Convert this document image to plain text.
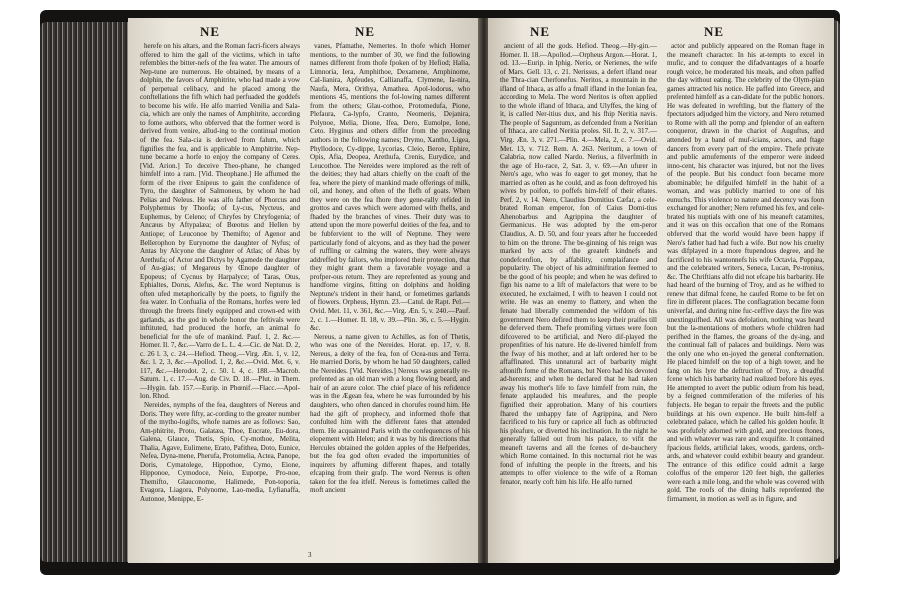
NE	NE

herefe on his altars, and the Roman facri-ficers always offered to him the gall of the victims, which in tafte refembles the bitter-nefs of the fea water. The amours of Nep-tune are numerous. He obtained, by means of a dolphin, the favors of Amphitrite, who had made a vow of perpetual celibacy, and he placed among the conftellations the fifh which had perfuaded the goddefs to become his wife. He alfo married Venilia and Sala-cia, which are only the names of Amphitrite, according to fome authors, who obferved that the former word is derived from venire, allud-ing to the continual motion of the fea. Sala-cia is derived from falum, which fignifies the fea, and is applicable to Amphitrite. Nep-tune became a horfe to enjoy the company of Ceres. [Vid. Arion.] To deceive Theo-phane, he changed himfelf into a ram. [Vid. Theophane.] He affumed the form of the river Enipeus to gain the confidence of Tyro, the daughter of Salmoneus, by whom he had Pelias and Neleus. He was alfo father of Phorcus and Polyphemus by Thoofa; of Ly-cus, Nycteus, and Euphemus, by Celeno; of Chryfes by Chryfogenia; of Ancæus by Aftypalæa; of Bœotus and Hellen by Antiope; of Leuconoe by Themifto; of Agenor and Bellerophon by Eurynome the daughter of Nyfus; of Antas by Alcyone the daughter of Atlas; of Abas by Arethufa; of Actor and Dictys by Agamede the daughter of Au-gias; of Megareus by Œnope daughter of Epopeus; of Cycnus by Harpalyce; of Taras, Otus, Ephialtes, Dorus, Alefus, &c. The word Neptunus is often ufed metaphorically by the poets, to fignify the fea water. In Confualia of the Romans, horfes were led through the ftreets finely equipped and crown-ed with garlands, as the god in whofe honor the feftivals were inftituted, had produced the horfe, an animal fo beneficial for the ufe of mankind. Pauf. 1, 2. &c.—Homer. Il. 7, &c.—Varro de L. L. 4.—Cic. de Nat. D. 2, c. 26 l. 3, c. 24.—Hefiod. Theog.—Virg. Æn. 1, v. 12, &c. l. 2, 3, &c.—Apollod. 1, 2, &c.—Ovid. Met. 6, v. 117, &c.—Herodot. 2, c. 50. l. 4, c. 188.—Macrob. Saturn. 1, c. 17.—Aug. de Civ. D. 18.—Plut. in Them.—Hygin. fab. 157.—Eurip. in Phœnif.—Flacc.—Apol-lon. Rhod.

Nereides, nymphs of the fea, daughters of Nereus and Doris. They were fifty, ac-cording to the greater number of the mytho-logifts, whofe names are as follows: Sao, Am-phitrite, Proto, Galatæa, Thoe, Eucrate, Eu-dora, Galena, Glauce, Thetis, Spio, Cy-mothoe, Melita, Thalia, Agave, Eulimene, Erato, Pafithea, Doto, Eunice, Nefea, Dyna-mene, Pherufa, Protomelia, Actea, Panope, Doris, Cymatolege, Hippothoe, Cymo, Eione, Hipponoe, Cymodoce, Neio, Euporpe, Pro-noe, Themifto, Glauconome, Halimede, Pon-toporia, Evagora, Liagora, Polynome, Lao-media, Lyfianaffa, Autonoe, Menippe, E-

vanes, Pfamathe, Nemertes. In thofe which Homer mentions, to the number of 30, we find the following names different from thofe fpoken of by Hefiod; Halia, Limnoria, Iera, Amphithoe, Dexamene, Amphinome, Cal-lianira, Apfeudes, Callianaffa, Clymene, Ia-nira, Naufa, Mera, Orithya, Amathea. Apol-lodorus, who mentions 45, mentions the fol-lowing names different from the others; Glau-cothoe, Protomedufa, Pione, Plefaura, Ca-lypfo, Cranto, Neomeris, Dejanira, Polynoe, Melia, Dione, Ifea, Dero, Eumolpe, Ione, Ceto. Hyginus and others differ from the preceding authors in the following names; Drymo, Xantho, Ligea, Phyllodoce, Cy-dippe, Lycorias, Cleio, Beroe, Ephire, Opis, Afia, Deopea, Arethufa, Crenis, Eurydice, and Leucothoe. The Nereides were implored as the reft of the deities; they had altars chiefly on the coaft of the fea, where the piety of mankind made offerings of milk, oil, and honey, and often of the flefh of goats. When they were on the fea fhore they gene-rally refided in grottos and caves which were adorned with fhells, and fhaded by the branches of vines. Their duty was to attend upon the more powerful deities of the fea, and to be fubfervient to the will of Neptune. They were particularly fond of alcyons, and as they had the power of ruffling or calming the waters, they were always addreffed by failors, who implored their protection, that they might grant them a favorable voyage and a profper-ous return. They are reprefented as young and handfome virgins, fitting on dolphins and holding Neptune's trident in their hand, or fometimes garlands of flowers. Orpheus, Hymn. 23.—Catul. de Rapt. Pel.—Ovid. Met. 11, v. 361, &c.—Virg. Æn. 5, v. 240.—Pauf. 2, c. 1.—Homer. Il. 18, v. 39.—Plin. 36, c. 5.—Hygin. &c.

Nereus, a name given to Achilles, as fon of Thetis, who was one of the Nereides. Horat. ep. 17, v. 8. Nereus, a deity of the fea, fon of Ocea-nus and Terra. He married Doris, by whom he had 50 daughters, called the Nereides. [Vid. Nereides.] Nereus was generally re-prefented as an old man with a long flowing beard, and hair of an azure color. The chief place of his refidence was in the Ægean fea, where he was furrounded by his daughters, who often danced in chorufes round him. He had the gift of prophecy, and informed thofe that confulted him with the different fates that attended them. He acquainted Paris with the confequences of his elopement with Helen; and it was by his directions that Hercules obtained the golden apples of the Hefperides, but the fea god often evaded the importunities of inquirers by affuming different fhapes, and totally efcaping from their grafp. The word Nereus is often taken for the fea itfelf. Nereus is fometimes called the moft ancient

3
NE	NE

ancient of all the gods. Hefiod. Theog.—Hy-gin.—Homer. Il. 18.—Apollod.—Orpheus Argon.—Horat. 1, od. 13.—Eurip. in Iphig. Nerio, or Nerienes, the wife of Mars. Gell. 13, c. 21. Nerissus, a defert ifland near the Thra-cian Cherfonefus. Neritos, a mountain in the ifland of Ithaca, as alfo a fmall ifland in the Ionian fea, according to Mela. The word Neritos is often applied to the whole ifland of Ithaca, and Ulyffes, the king of it, is called Ner-itius dux, and his fhip Neritia navis. The people of Saguntum, as defcended from a Neritian of Ithaca, are called Neritia proles. Sil. It. 2, v. 317.—Virg. Æn. 3, v. 271.—Plin. 4.—Mela, 2, c. 7.—Ovid. Met. 13, v. 712. Rem. A. 263. Neritum, a town of Calabria, now called Nardo. Nerius, a filverfmith in the age of Ho-race, 2, Sat. 3, v. 69.—An ufurer in Nero's age, who was fo eager to get money, that he married as often as he could, and as foon deftroyed his wives by poifon, to poffefs him-felf of their eftates. Perf. 2, v. 14. Nero, Claudius Domitius Cæfar, a cele-brated Roman emperor, fon of Caius Domi-tius Ahenobarbus and Agrippina the daughter of Germanicus. He was adopted by the em-peror Claudius, A. D. 50, and four years after he fucceeded to him on the throne. The be-ginning of his reign was marked by acts of the greateft kindnefs and condefcenfion, by affability, complaifance and popularity. The object of his adminiftration feemed to be the good of his people; and when he was defired to fign his name to a lift of malefactors that were to be executed, he exclaimed, I wifh to heaven I could not write. He was an enemy to flattery, and when the fenate had liberally commended the wifdom of his government Nero defired them to keep their praifes till he deferved them. Thefe promifing virtues were foon difcovered to be artificial, and Nero dif-played the propenfities of his nature. He de-livered himfelf from the fway of his mother, and at laft ordered her to be affaffinated. This unnatural act of barbarity might aftonifh fome of the Romans, but Nero had his devoted ad-herents; and when he declared that he had taken away his mother's life to fave himfelf from ruin, the fenate applauded his meafures, and the people fignified their approbation. Many of his courtiers fhared the unhappy fate of Agrippina, and Nero facrificed to his fury or caprice all fuch as obftructed his pleafure, or diverted his inclination. In the night he generally fallied out from his palace, to vifit the meaneft taverns and all the fcenes of de-bauchery which Rome contained. In this nocturnal riot he was fond of infulting the people in the ftreets, and his attempts to offer violence to the wife of a Roman fenator, nearly coft him his life. He alfo turned

actor and publicly appeared on the Roman ftage in the meaneft character. In his at-tempts to excel in mufic, and to conquer the difadvantages of a hoarfe rough voice, he moderated his meals, and often paffed the day without eating. The celebrity of the Olym-pian games attracted his notice. He paffed into Greece, and prefented himfelf as a can-didate for the public honors. He was defeated in wreftling, but the flattery of the fpectators adjudged him the victory, and Nero returned to Rome with all the pomp and fplendor of an eaftern conqueror, drawn in the chariot of Auguftus, and attended by a band of muf-icians, actors, and ftage dancers from every part of the empire. Thefe private and public amufements of the emperor were indeed inno-cent, his character was injured, but not the lives of the people. But his conduct foon became more abominable; he difguifed himfelf in the habit of a woman, and was publicly married to one of his eunuchs. This violence to nature and decency was foon exchanged for another; Nero refumed his fex, and cele-brated his nuptials with one of his meaneft catamites, and it was on this occafion that one of the Romans obferved that the world would have been happy if Nero's father had had fuch a wife. But now his cruelty was difplayed in a more ftupendous degree, and he facrificed to his wantonnefs his wife Octavia, Poppæa, and the celebrated writers, Seneca, Lucan, Pe-tronius, &c. The Chriftians alfo did not efcape his barbarity. He had heard of the burning of Troy, and as he wifhed to renew that difmal fcene, he caufed Rome to be fet on fire in different places. The conflagration became foon univerfal, and during nine fuc-ceffive days the fire was unextinguifhed. All was defolation, nothing was heard but the la-mentations of mothers whofe children had perifhed in the flames, the groans of the dy-ing, and the continual fall of palaces and buildings. Nero was the only one who en-joyed the general confternation. He placed himfelf on the top of a high tower, and he fang on his lyre the deftruction of Troy, a dreadful fcene which his barbarity had realized before his eyes. He attempted to avert the public odium from his head, by a feigned commiferation of the miferies of his fubjects. He began to repair the ftreets and the public buildings at his own expence. He built him-felf a celebrated palace, which he called his golden houfe. It was profufely adorned with gold, and precious ftones, and with whatever was rare and exquifite. It contained fpacious fields, artificial lakes, woods, gardens, orch-ards, and whatever could exhibit beauty and grandeur. The entrance of this edifice could admit a large coloffus of the emperor 120 feet high, the galleries were each a mile long, and the whole was covered with gold. The roofs of the dining halls reprefented the firmament, in motion as well as in figure, and
